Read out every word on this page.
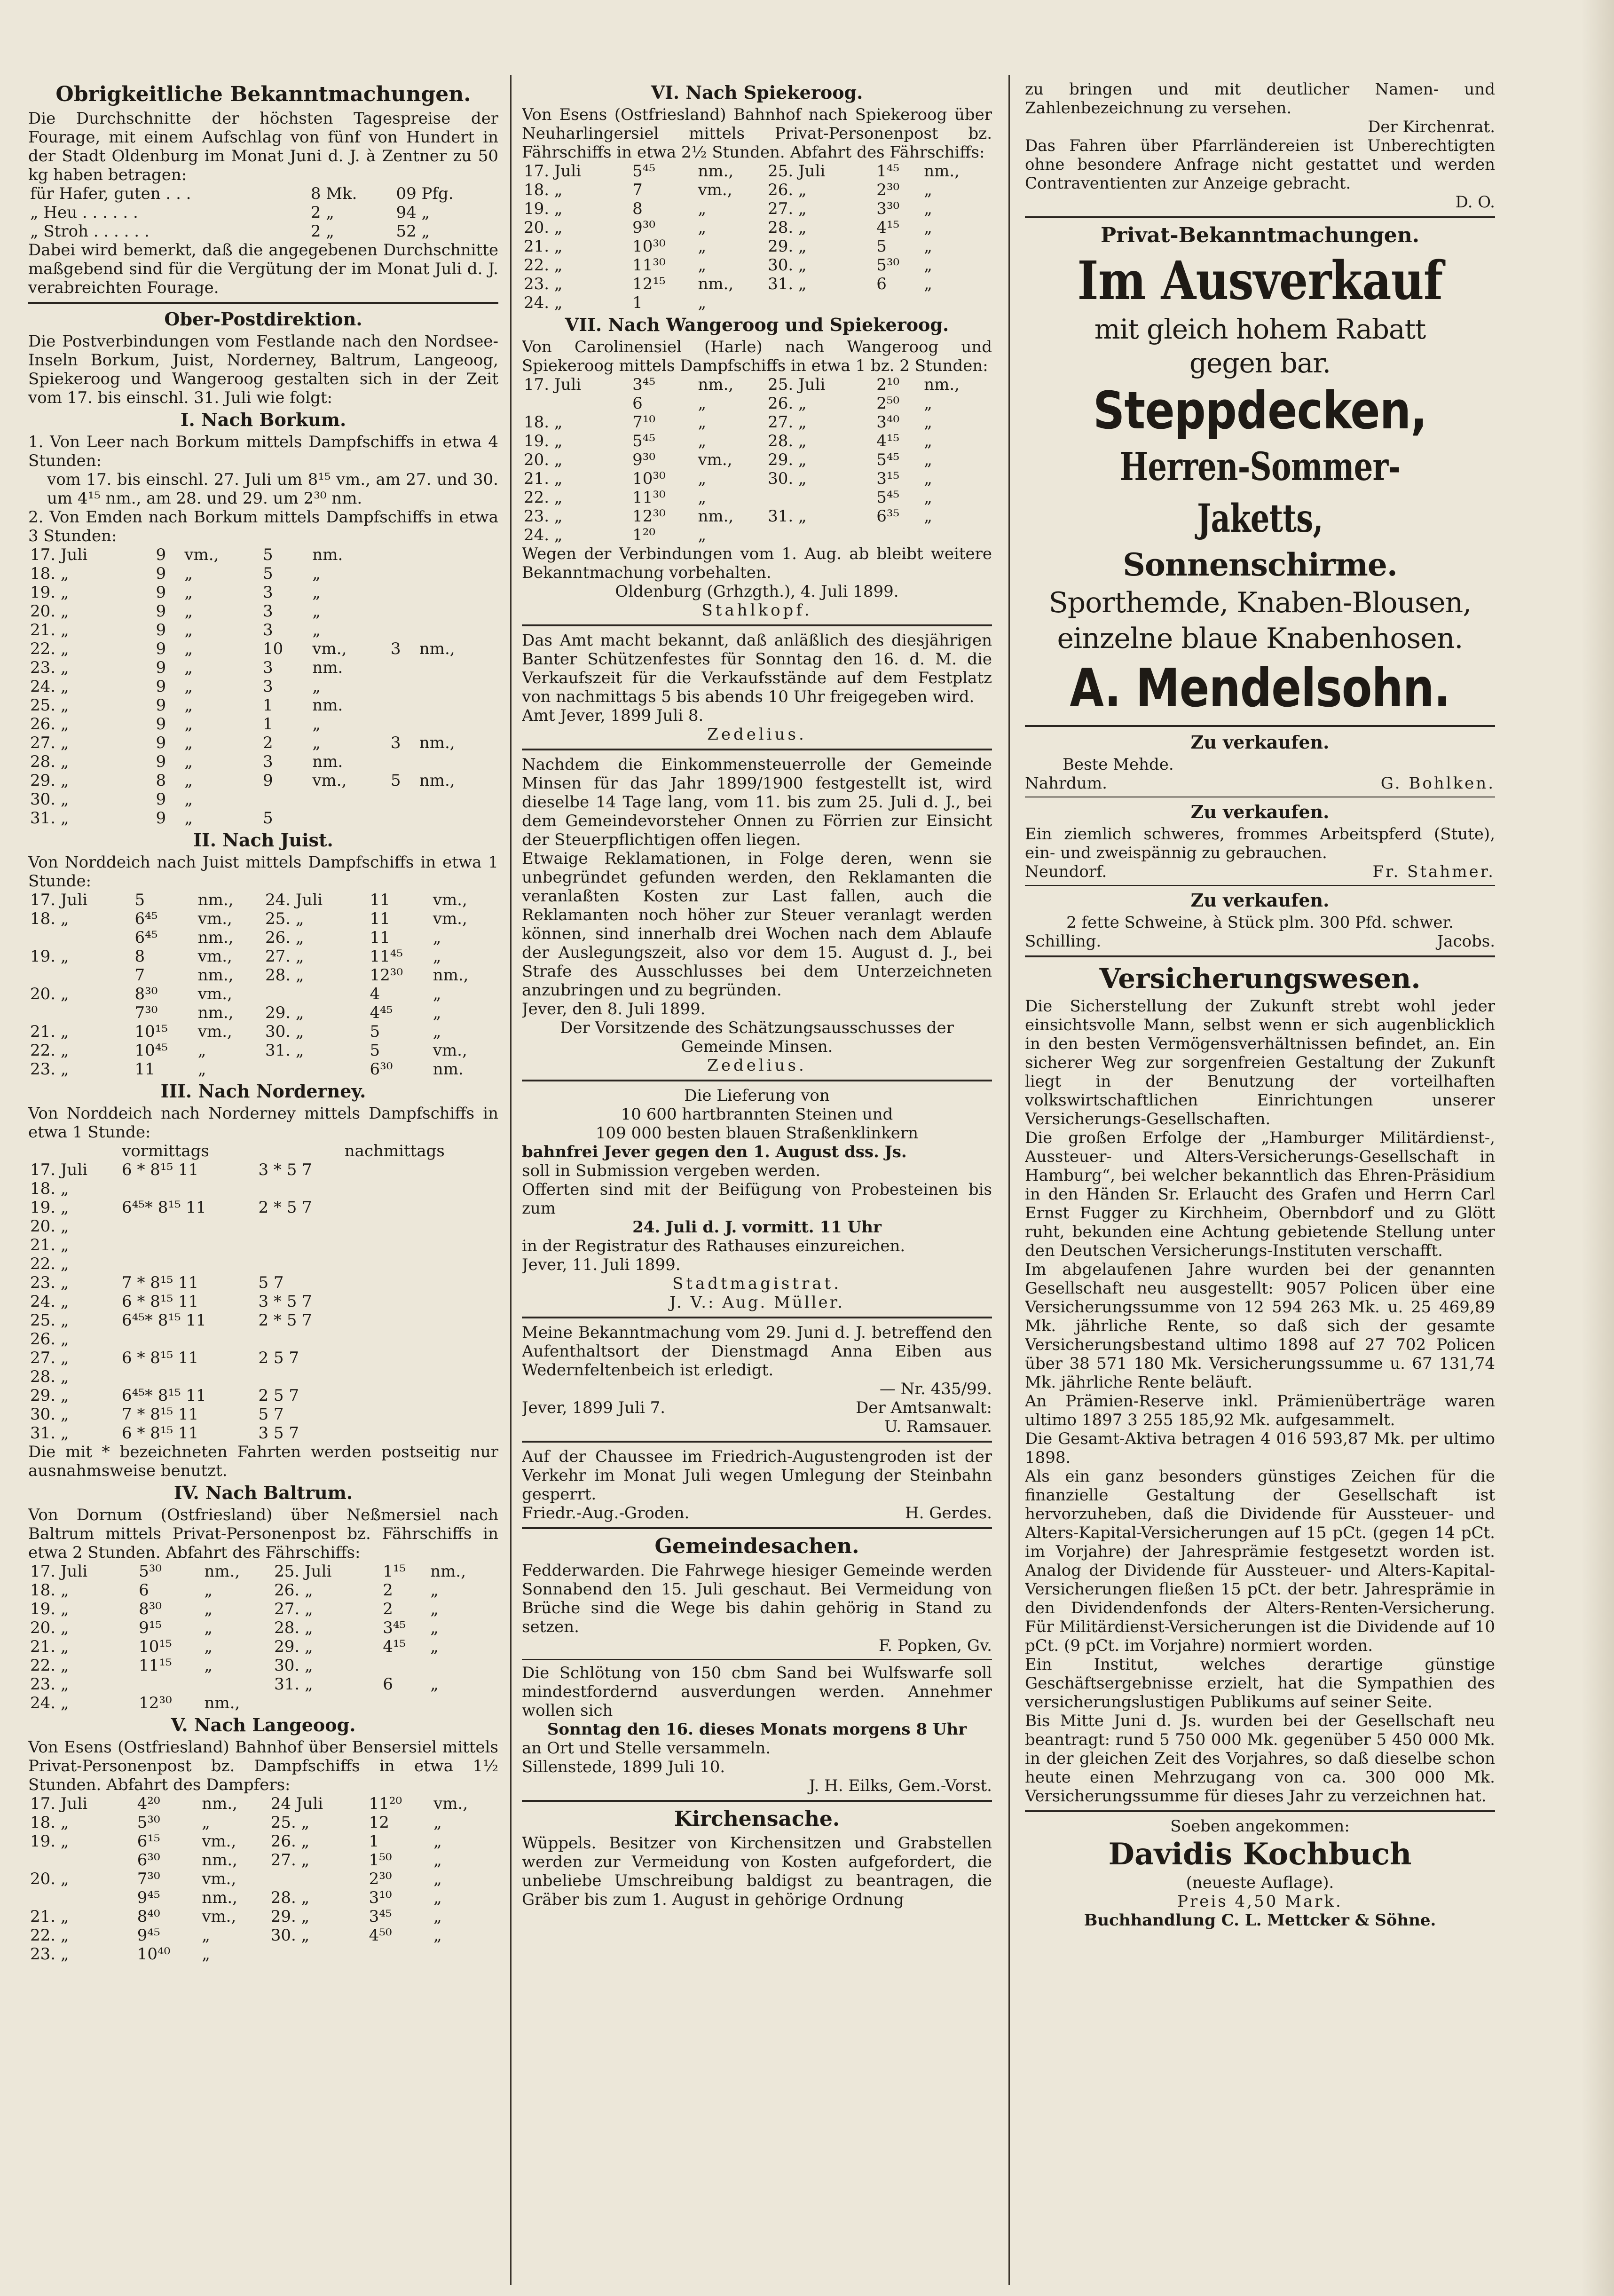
Obrigkeitliche Bekanntmachungen.

Die Durchschnitte der höchsten Tagespreise der Fourage, mit einem Aufschlag von fünf von Hundert in der Stadt Oldenburg im Monat Juni d. J. à Zentner zu 50 kg haben betragen:

für Hafer, guten . . .	8 Mk.	09 Pfg.
„ Heu . . . . . .	2 „	94 „
„ Stroh . . . . . .	2 „	52 „

Dabei wird bemerkt, daß die angegebenen Durchschnitte maßgebend sind für die Vergütung der im Monat Juli d. J. verabreichten Fourage.

Ober-Postdirektion.

Die Postverbindungen vom Festlande nach den Nordsee-Inseln Borkum, Juist, Norderney, Baltrum, Langeoog, Spiekeroog und Wangeroog gestalten sich in der Zeit vom 17. bis einschl. 31. Juli wie folgt:

I. Nach Borkum.

1. Von Leer nach Borkum mittels Dampfschiffs in etwa 4 Stunden:

vom 17. bis einschl. 27. Juli um 8¹⁵ vm., am 27. und 30. um 4¹⁵ nm., am 28. und 29. um 2³⁰ nm.

2. Von Emden nach Borkum mittels Dampfschiffs in etwa 3 Stunden:

17. Juli	9	vm.,	5	nm.		
18. „	9	„	5	„		
19. „	9	„	3	„		
20. „	9	„	3	„		
21. „	9	„	3	„		
22. „	9	„	10	vm.,	3	nm.,
23. „	9	„	3	nm.		
24. „	9	„	3	„		
25. „	9	„	1	nm.		
26. „	9	„	1	„		
27. „	9	„	2	„	3	nm.,
28. „	9	„	3	nm.		
29. „	8	„	9	vm.,	5	nm.,
30. „	9	„				
31. „	9	„	5			
II. Nach Juist.

Von Norddeich nach Juist mittels Dampfschiffs in etwa 1 Stunde:

17. Juli	5	nm.,	24. Juli	11	vm.,
18. „	6⁴⁵	vm.,	25. „	11	vm.,
	6⁴⁵	nm.,	26. „	11	„
19. „	8	vm.,	27. „	11⁴⁵	„
	7	nm.,	28. „	12³⁰	nm.,
20. „	8³⁰	vm.,		4	„
	7³⁰	nm.,	29. „	4⁴⁵	„
21. „	10¹⁵	vm.,	30. „	5	„
22. „	10⁴⁵	„	31. „	5	vm.,
23. „	11	„		6³⁰	nm.
III. Nach Norderney.

Von Norddeich nach Norderney mittels Dampfschiffs in etwa 1 Stunde:

	vormittags		nachmittags
17. Juli	6 * 8¹⁵ 11	3 * 5 7	
18. „			
19. „	6⁴⁵* 8¹⁵ 11	2 * 5 7	
20. „			
21. „			
22. „			
23. „	7 * 8¹⁵ 11	5 7	
24. „	6 * 8¹⁵ 11	3 * 5 7	
25. „	6⁴⁵* 8¹⁵ 11	2 * 5 7	
26. „			
27. „	6 * 8¹⁵ 11	2 5 7	
28. „			
29. „	6⁴⁵* 8¹⁵ 11	2 5 7	
30. „	7 * 8¹⁵ 11	5 7	
31. „	6 * 8¹⁵ 11	3 5 7	

Die mit * bezeichneten Fahrten werden postseitig nur ausnahmsweise benutzt.

IV. Nach Baltrum.

Von Dornum (Ostfriesland) über Neßmersiel nach Baltrum mittels Privat-Personenpost bz. Fährschiffs in etwa 2 Stunden. Abfahrt des Fährschiffs:

17. Juli	5³⁰	nm.,	25. Juli	1¹⁵	nm.,
18. „	6	„	26. „	2	„
19. „	8³⁰	„	27. „	2	„
20. „	9¹⁵	„	28. „	3⁴⁵	„
21. „	10¹⁵	„	29. „	4¹⁵	„
22. „	11¹⁵	„	30. „		
23. „			31. „	6	„
24. „	12³⁰	nm.,			
V. Nach Langeoog.

Von Esens (Ostfriesland) Bahnhof über Bensersiel mittels Privat-Personenpost bz. Dampfschiffs in etwa 1½ Stunden. Abfahrt des Dampfers:

17. Juli	4²⁰	nm.,	24 Juli	11²⁰	vm.,
18. „	5³⁰	„	25. „	12	„
19. „	6¹⁵	vm.,	26. „	1	„
	6³⁰	nm.,	27. „	1⁵⁰	„
20. „	7³⁰	vm.,		2³⁰	„
	9⁴⁵	nm.,	28. „	3¹⁰	„
21. „	8⁴⁰	vm.,	29. „	3⁴⁵	„
22. „	9⁴⁵	„	30. „	4⁵⁰	„
23. „	10⁴⁰	„			
VI. Nach Spiekeroog.

Von Esens (Ostfriesland) Bahnhof nach Spiekeroog über Neuharlingersiel mittels Privat-Personenpost bz. Fährschiffs in etwa 2½ Stunden. Abfahrt des Fährschiffs:

17. Juli	5⁴⁵	nm.,	25. Juli	1⁴⁵	nm.,
18. „	7	vm.,	26. „	2³⁰	„
19. „	8	„	27. „	3³⁰	„
20. „	9³⁰	„	28. „	4¹⁵	„
21. „	10³⁰	„	29. „	5	„
22. „	11³⁰	„	30. „	5³⁰	„
23. „	12¹⁵	nm.,	31. „	6	„
24. „	1	„			
VII. Nach Wangeroog und Spiekeroog.

Von Carolinensiel (Harle) nach Wangeroog und Spiekeroog mittels Dampfschiffs in etwa 1 bz. 2 Stunden:

17. Juli	3⁴⁵	nm.,	25. Juli	2¹⁰	nm.,
	6	„	26. „	2⁵⁰	„
18. „	7¹⁰	„	27. „	3⁴⁰	„
19. „	5⁴⁵	„	28. „	4¹⁵	„
20. „	9³⁰	vm.,	29. „	5⁴⁵	„
21. „	10³⁰	„	30. „	3¹⁵	„
22. „	11³⁰	„		5⁴⁵	„
23. „	12³⁰	nm.,	31. „	6³⁵	„
24. „	1²⁰	„			

Wegen der Verbindungen vom 1. Aug. ab bleibt weitere Bekanntmachung vorbehalten.

Oldenburg (Grhzgth.), 4. Juli 1899.

Stahlkopf.

Das Amt macht bekannt, daß anläßlich des diesjährigen Banter Schützenfestes für Sonntag den 16. d. M. die Verkaufszeit für die Verkaufsstände auf dem Festplatz von nachmittags 5 bis abends 10 Uhr freigegeben wird.

Amt Jever, 1899 Juli 8.

Zedelius.

Nachdem die Einkommensteuerrolle der Gemeinde Minsen für das Jahr 1899/1900 festgestellt ist, wird dieselbe 14 Tage lang, vom 11. bis zum 25. Juli d. J., bei dem Gemeindevorsteher Onnen zu Förrien zur Einsicht der Steuerpflichtigen offen liegen.

Etwaige Reklamationen, in Folge deren, wenn sie unbegründet gefunden werden, den Reklamanten die veranlaßten Kosten zur Last fallen, auch die Reklamanten noch höher zur Steuer veranlagt werden können, sind innerhalb drei Wochen nach dem Ablaufe der Auslegungszeit, also vor dem 15. August d. J., bei Strafe des Ausschlusses bei dem Unterzeichneten anzubringen und zu begründen.

Jever, den 8. Juli 1899.

Der Vorsitzende des Schätzungsausschusses der Gemeinde Minsen.

Zedelius.

Die Lieferung von

10 600 hartbrannten Steinen und

109 000 besten blauen Straßenklinkern

bahnfrei Jever gegen den 1. August dss. Js.

soll in Submission vergeben werden.

Offerten sind mit der Beifügung von Probesteinen bis zum

24. Juli d. J. vormitt. 11 Uhr

in der Registratur des Rathauses einzureichen.

Jever, 11. Juli 1899.

Stadtmagistrat.

J. V.: Aug. Müller.

Meine Bekanntmachung vom 29. Juni d. J. betreffend den Aufenthaltsort der Dienstmagd Anna Eiben aus Wedernfeltenbeich ist erledigt.

— Nr. 435/99.

Jever, 1899 Juli 7.	Der Amtsanwalt:

U. Ramsauer.

Auf der Chaussee im Friedrich-Augustengroden ist der Verkehr im Monat Juli wegen Umlegung der Steinbahn gesperrt.

Friedr.-Aug.-Groden.	H. Gerdes.
Gemeindesachen.

Fedderwarden. Die Fahrwege hiesiger Gemeinde werden Sonnabend den 15. Juli geschaut. Bei Vermeidung von Brüche sind die Wege bis dahin gehörig in Stand zu setzen.

F. Popken, Gv.

Die Schlötung von 150 cbm Sand bei Wulfswarfe soll mindestfordernd ausverdungen werden. Annehmer wollen sich

Sonntag den 16. dieses Monats morgens 8 Uhr

an Ort und Stelle versammeln.

Sillenstede, 1899 Juli 10.

J. H. Eilks, Gem.-Vorst.

Kirchensache.

Wüppels. Besitzer von Kirchensitzen und Grabstellen werden zur Vermeidung von Kosten aufgefordert, die unbeliebe Umschreibung baldigst zu beantragen, die Gräber bis zum 1. August in gehörige Ordnung

zu bringen und mit deutlicher Namen- und Zahlenbezeichnung zu versehen.

Der Kirchenrat.

Das Fahren über Pfarrländereien ist Unberechtigten ohne besondere Anfrage nicht gestattet und werden Contraventienten zur Anzeige gebracht.

D. O.

Privat-Bekanntmachungen.
Im Ausverkauf
mit gleich hohem Rabatt
gegen bar.
Steppdecken,
Herren-Sommer-Jaketts,
Sonnenschirme.
Sporthemde, Knaben-Blousen,
einzelne blaue Knabenhosen.
A. Mendelsohn.
Zu verkaufen.

Beste Mehde.

Nahrdum.	G. Bohlken.
Zu verkaufen.

Ein ziemlich schweres, frommes Arbeitspferd (Stute), ein- und zweispännig zu gebrauchen.

Neundorf.	Fr. Stahmer.
Zu verkaufen.

2 fette Schweine, à Stück plm. 300 Pfd. schwer.

Schilling.	Jacobs.
Versicherungswesen.

Die Sicherstellung der Zukunft strebt wohl jeder einsichtsvolle Mann, selbst wenn er sich augenblicklich in den besten Vermögensverhältnissen befindet, an. Ein sicherer Weg zur sorgenfreien Gestaltung der Zukunft liegt in der Benutzung der vorteilhaften volkswirtschaftlichen Einrichtungen unserer Versicherungs-Gesellschaften.

Die großen Erfolge der „Hamburger Militärdienst-, Aussteuer- und Alters-Versicherungs-Gesellschaft in Hamburg“, bei welcher bekanntlich das Ehren-Präsidium in den Händen Sr. Erlaucht des Grafen und Herrn Carl Ernst Fugger zu Kirchheim, Obernbdorf und zu Glött ruht, bekunden eine Achtung gebietende Stellung unter den Deutschen Versicherungs-Instituten verschafft.

Im abgelaufenen Jahre wurden bei der genannten Gesellschaft neu ausgestellt: 9057 Policen über eine Versicherungssumme von 12 594 263 Mk. u. 25 469,89 Mk. jährliche Rente, so daß sich der gesamte Versicherungsbestand ultimo 1898 auf 27 702 Policen über 38 571 180 Mk. Versicherungssumme u. 67 131,74 Mk. jährliche Rente beläuft.

An Prämien-Reserve inkl. Prämienüberträge waren ultimo 1897 3 255 185,92 Mk. aufgesammelt.

Die Gesamt-Aktiva betragen 4 016 593,87 Mk. per ultimo 1898.

Als ein ganz besonders günstiges Zeichen für die finanzielle Gestaltung der Gesellschaft ist hervorzuheben, daß die Dividende für Aussteuer- und Alters-Kapital-Versicherungen auf 15 pCt. (gegen 14 pCt. im Vorjahre) der Jahresprämie festgesetzt worden ist. Analog der Dividende für Aussteuer- und Alters-Kapital-Versicherungen fließen 15 pCt. der betr. Jahresprämie in den Dividendenfonds der Alters-Renten-Versicherung. Für Militärdienst-Versicherungen ist die Dividende auf 10 pCt. (9 pCt. im Vorjahre) normiert worden.

Ein Institut, welches derartige günstige Geschäftsergebnisse erzielt, hat die Sympathien des versicherungslustigen Publikums auf seiner Seite.

Bis Mitte Juni d. Js. wurden bei der Gesellschaft neu beantragt: rund 5 750 000 Mk. gegenüber 5 450 000 Mk. in der gleichen Zeit des Vorjahres, so daß dieselbe schon heute einen Mehrzugang von ca. 300 000 Mk. Versicherungssumme für dieses Jahr zu verzeichnen hat.

Soeben angekommen:

Davidis Kochbuch

(neueste Auflage).

Preis 4,50 Mark.

Buchhandlung C. L. Mettcker & Söhne.
